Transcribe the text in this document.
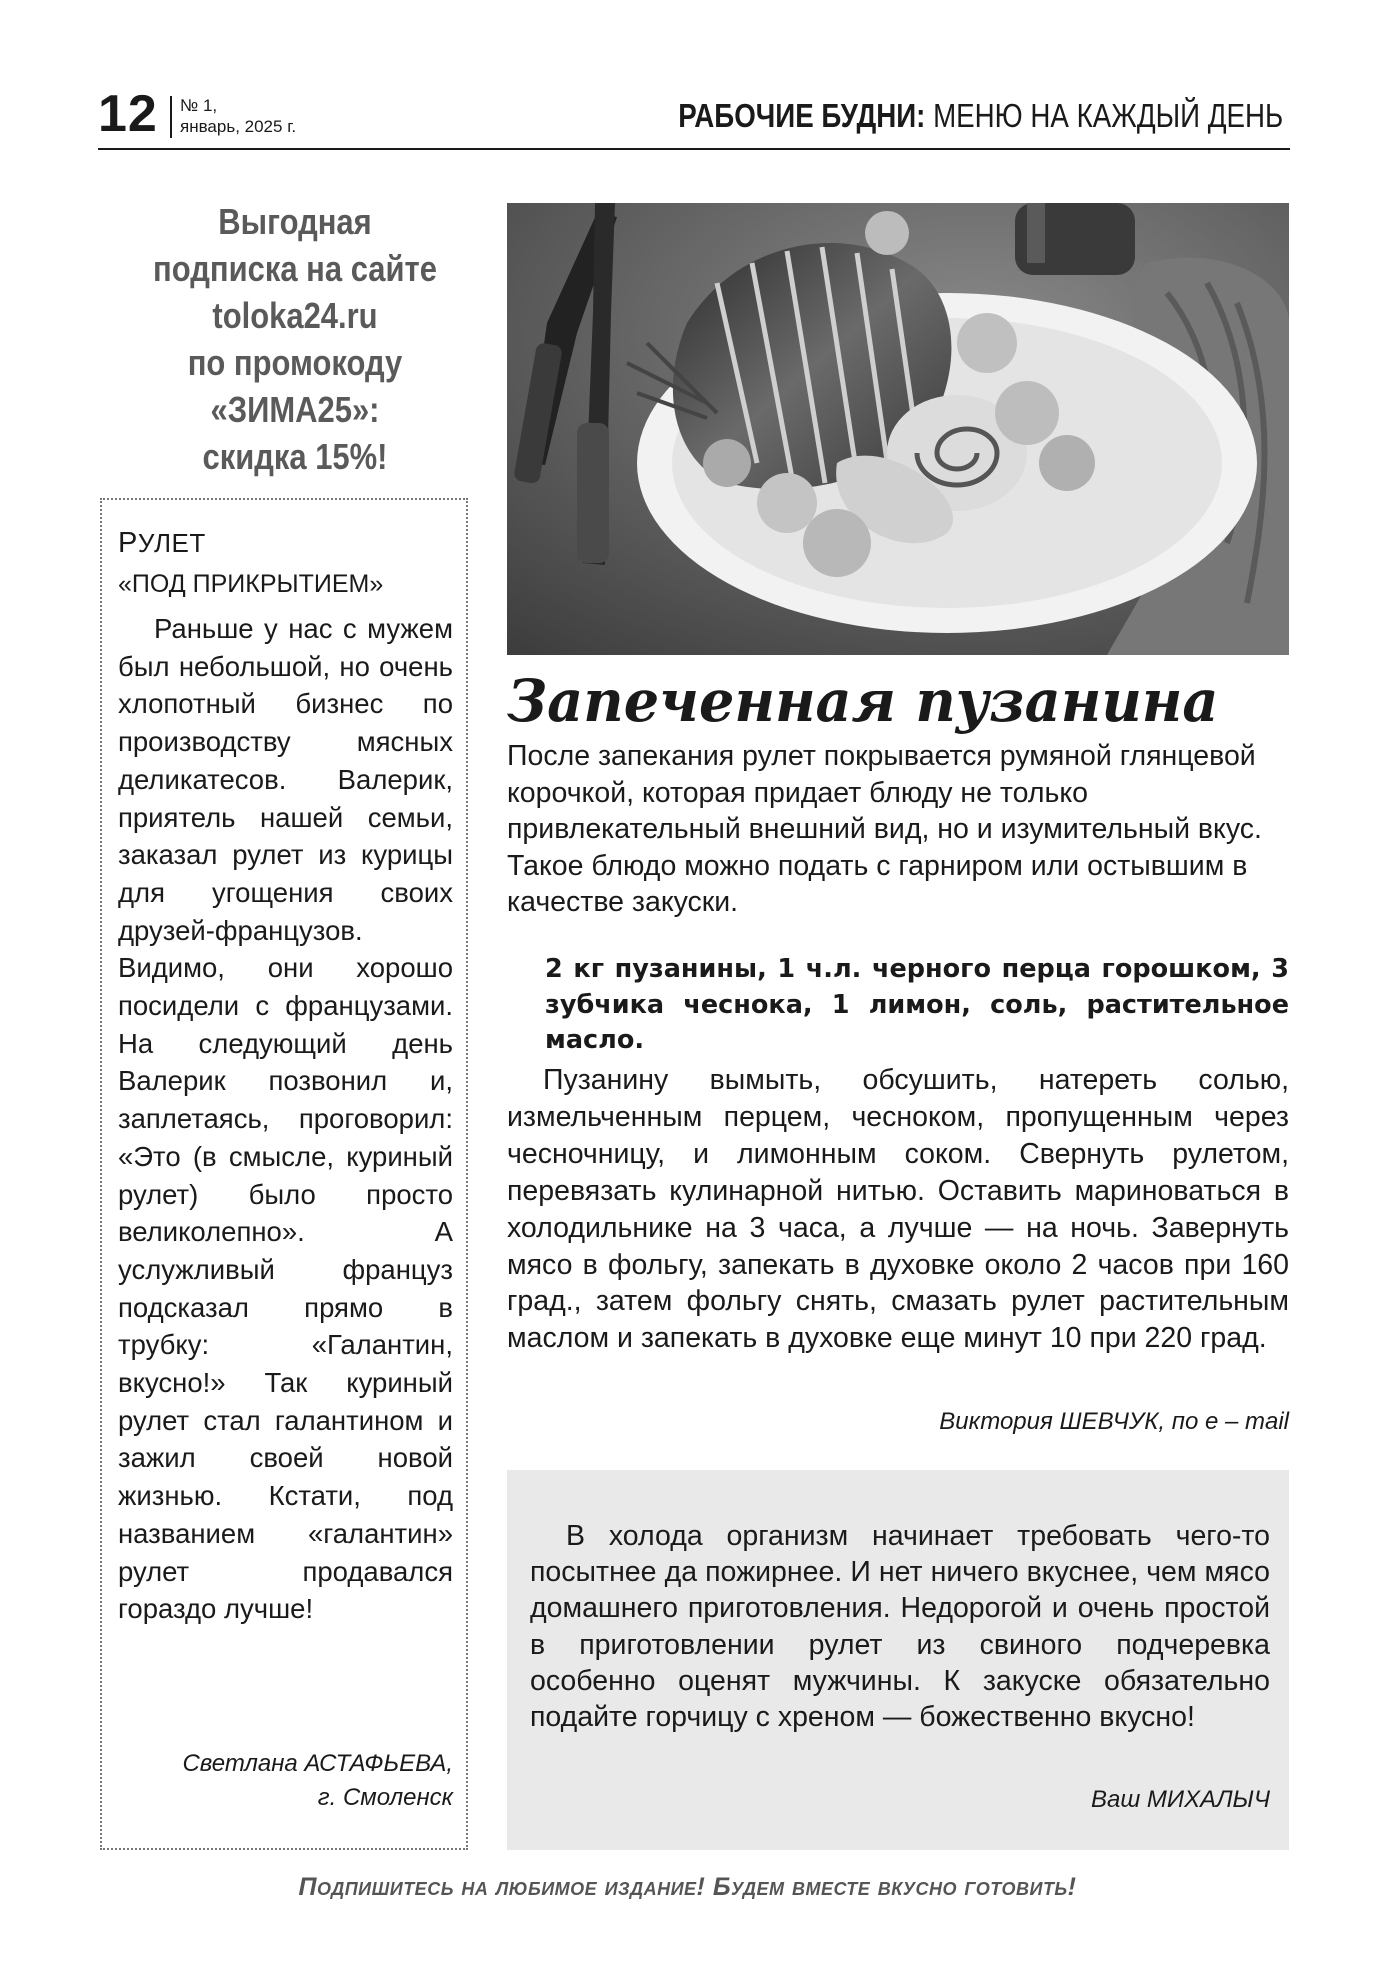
12 № 1,
январь, 2025 г.	РАБОЧИЕ БУДНИ: МЕНЮ НА КАЖДЫЙ ДЕНЬ
Выгодная
подписка на сайте
toloka24.ru
по промокоду
«ЗИМА25»:
скидка 15%!
РУЛЕТ
«ПОД ПРИКРЫТИЕМ»
Раньше у нас с мужем был небольшой, но очень хлопотный бизнес по производству мясных деликатесов. Валерик, приятель нашей семьи, заказал рулет из курицы для угощения своих друзей-французов. Видимо, они хорошо посидели с французами. На следующий день Валерик позвонил и, заплетаясь, проговорил: «Это (в смысле, куриный рулет) было просто великолепно». А услужливый француз подсказал прямо в трубку: «Галантин, вкусно!» Так куриный рулет стал галантином и зажил своей новой жизнью. Кстати, под названием «галантин» рулет продавался гораздо лучше!
Светлана АСТАФЬЕВА,
г. Смоленск
Запеченная пузанина
После запекания рулет покрывается румяной глянцевой корочкой, которая придает блюду не только привлекательный внешний вид, но и изумительный вкус. Такое блюдо можно подать с гарниром или остывшим в качестве закуски.
2 кг пузанины, 1 ч.л. черного перца горошком, 3 зубчика чеснока, 1 лимон, соль, растительное масло.
Пузанину вымыть, обсушить, натереть солью, измельченным перцем, чесноком, пропущенным через чесночницу, и лимонным соком. Свернуть рулетом, перевязать кулинарной нитью. Оставить мариноваться в холодильнике на 3 часа, а лучше — на ночь. Завернуть мясо в фольгу, запекать в духовке около 2 часов при 160 град., затем фольгу снять, смазать рулет растительным маслом и запекать в духовке еще минут 10 при 220 град.
Виктория ШЕВЧУК, по e – mail
В холода организм начинает требовать чего-то посытнее да пожирнее. И нет ничего вкуснее, чем мясо домашнего приготовления. Недорогой и очень простой в приготовлении рулет из свиного подчеревка особенно оценят мужчины. К закуске обязательно подайте горчицу с хреном — божественно вкусно!
Ваш МИХАЛЫЧ
Подпишитесь на любимое издание! Будем вместе вкусно готовить!
